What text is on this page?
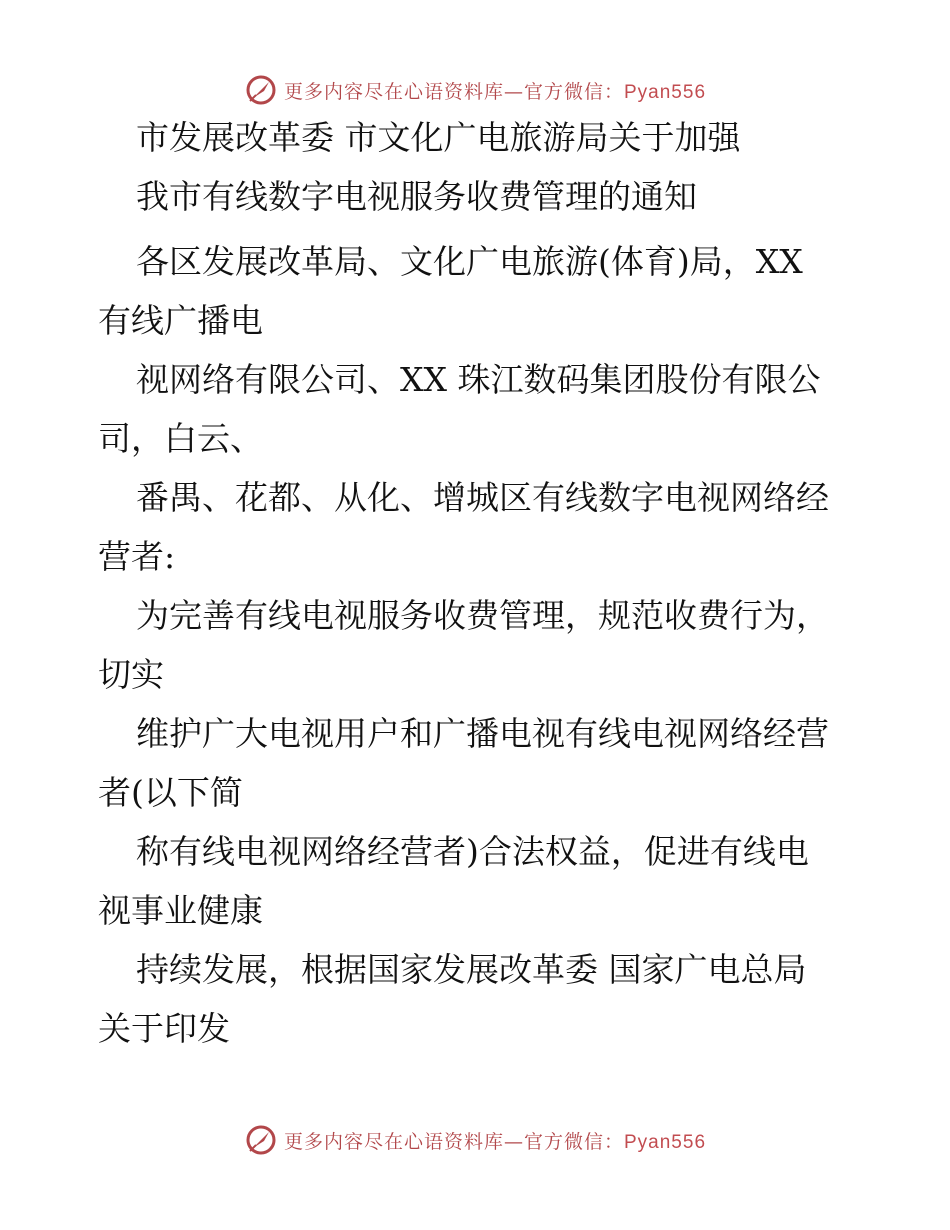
更多内容尽在心语资料库—官方微信：Pyan556
市发展改革委 市文化广电旅游局关于加强
我市有线数字电视服务收费管理的通知
各区发展改革局、文化广电旅游(体育)局，XX
有线广播电
视网络有限公司、XX 珠江数码集团股份有限公
司，白云、
番禺、花都、从化、增城区有线数字电视网络经
营者:
为完善有线电视服务收费管理，规范收费行为，
切实
维护广大电视用户和广播电视有线电视网络经营
者(以下简
称有线电视网络经营者)合法权益，促进有线电
视事业健康
持续发展，根据国家发展改革委 国家广电总局
关于印发
更多内容尽在心语资料库—官方微信：Pyan556
